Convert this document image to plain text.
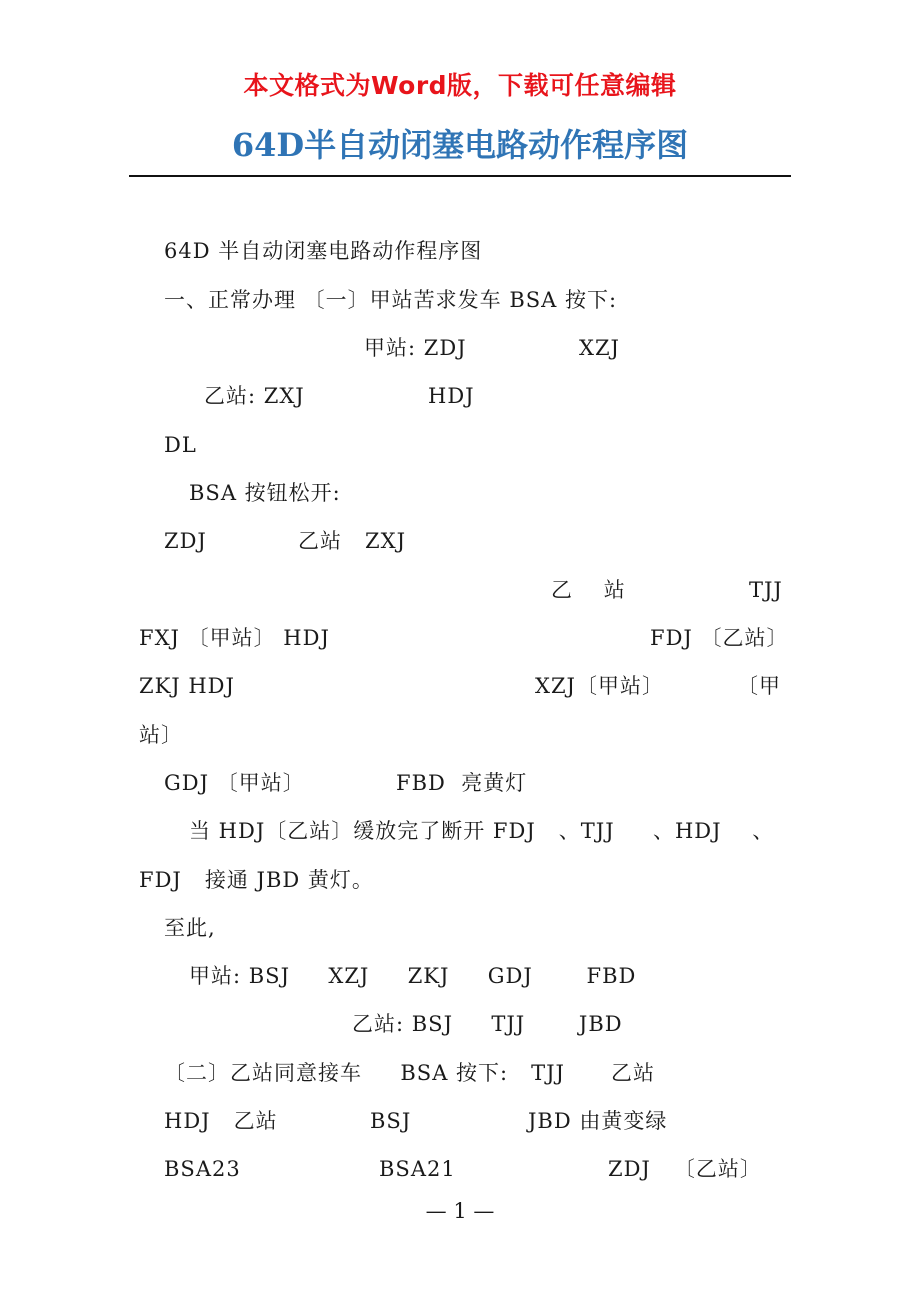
本文格式为Word版，下载可任意编辑
64D半自动闭塞电路动作程序图
64D 半自动闭塞电路动作程序图
一、正常办理 〔一〕甲站苦求发车 BSA 按下:
甲站: ZDJ	XZJ
乙站: ZXJ	HDJ
DL
BSA 按钮松开:
ZDJ	乙站   ZXJ
乙    站	TJJ
FXJ 〔甲站〕 HDJ	FDJ 〔乙站〕
ZKJ HDJ	XZJ〔甲站〕	〔甲
站〕
GDJ 〔甲站〕	FBD  亮黄灯
当 HDJ〔乙站〕缓放完了断开 FDJ   、TJJ     、HDJ    、
FDJ   接通 JBD 黄灯。
至此,
甲站: BSJ     XZJ     ZKJ     GDJ       FBD
乙站: BSJ     TJJ       JBD
〔二〕乙站同意接车     BSA 按下:   TJJ      乙站
HDJ   乙站	BSJ	JBD 由黄变绿
BSA23	BSA21	ZDJ   〔乙站〕
— 1 —
